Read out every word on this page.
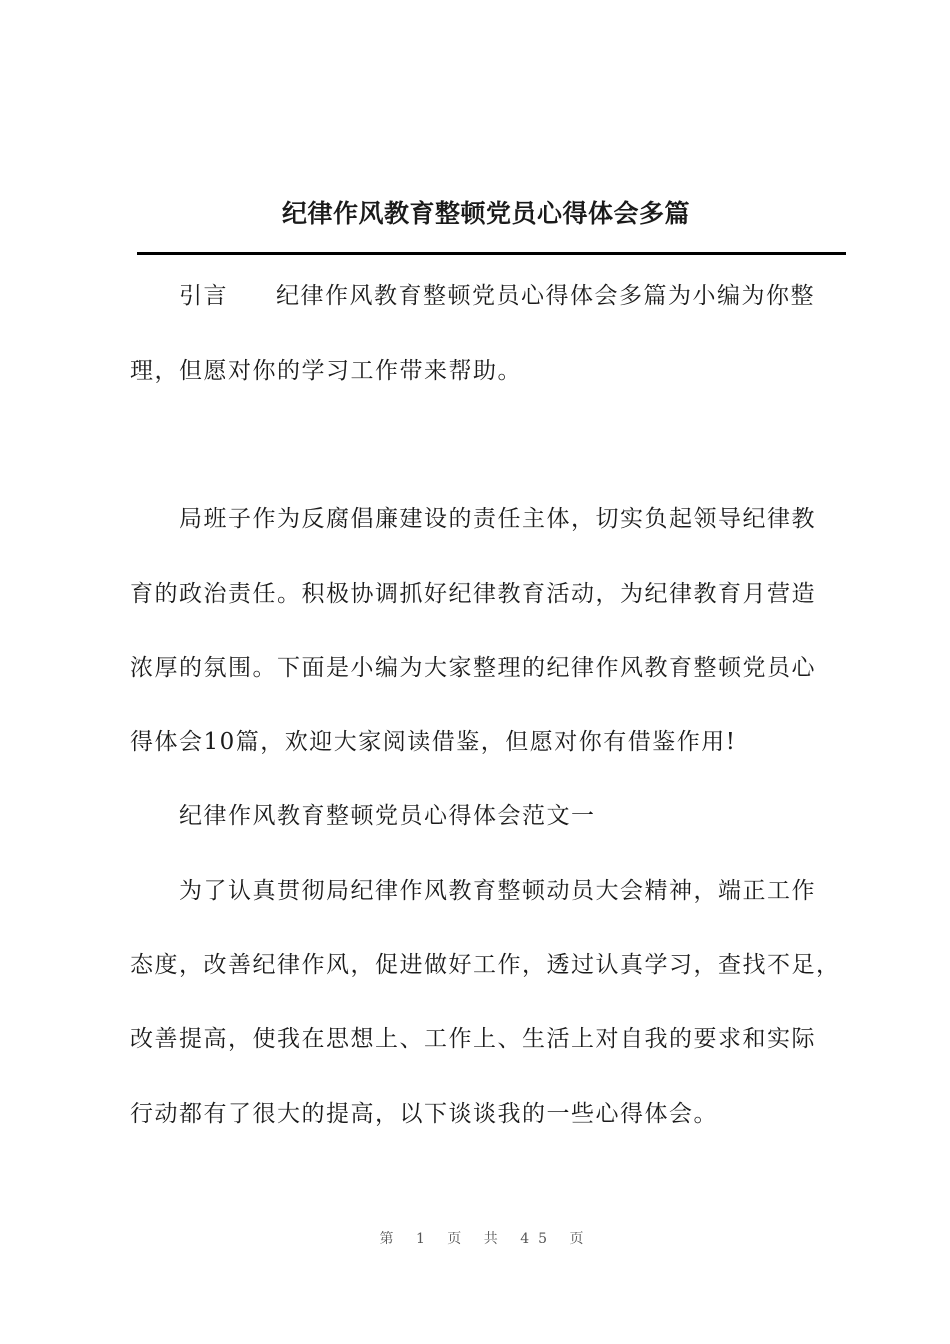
纪律作风教育整顿党员心得体会多篇
引言 纪律作风教育整顿党员心得体会多篇为小编为你整
理，但愿对你的学习工作带来帮助。
局班子作为反腐倡廉建设的责任主体，切实负起领导纪律教
育的政治责任。积极协调抓好纪律教育活动，为纪律教育月营造
浓厚的氛围。下面是小编为大家整理的纪律作风教育整顿党员心
得体会10篇，欢迎大家阅读借鉴，但愿对你有借鉴作用!
纪律作风教育整顿党员心得体会范文一
为了认真贯彻局纪律作风教育整顿动员大会精神，端正工作
态度，改善纪律作风，促进做好工作，透过认真学习，查找不足，
改善提高，使我在思想上、工作上、生活上对自我的要求和实际
行动都有了很大的提高，以下谈谈我的一些心得体会。
第 1 页 共 45 页
